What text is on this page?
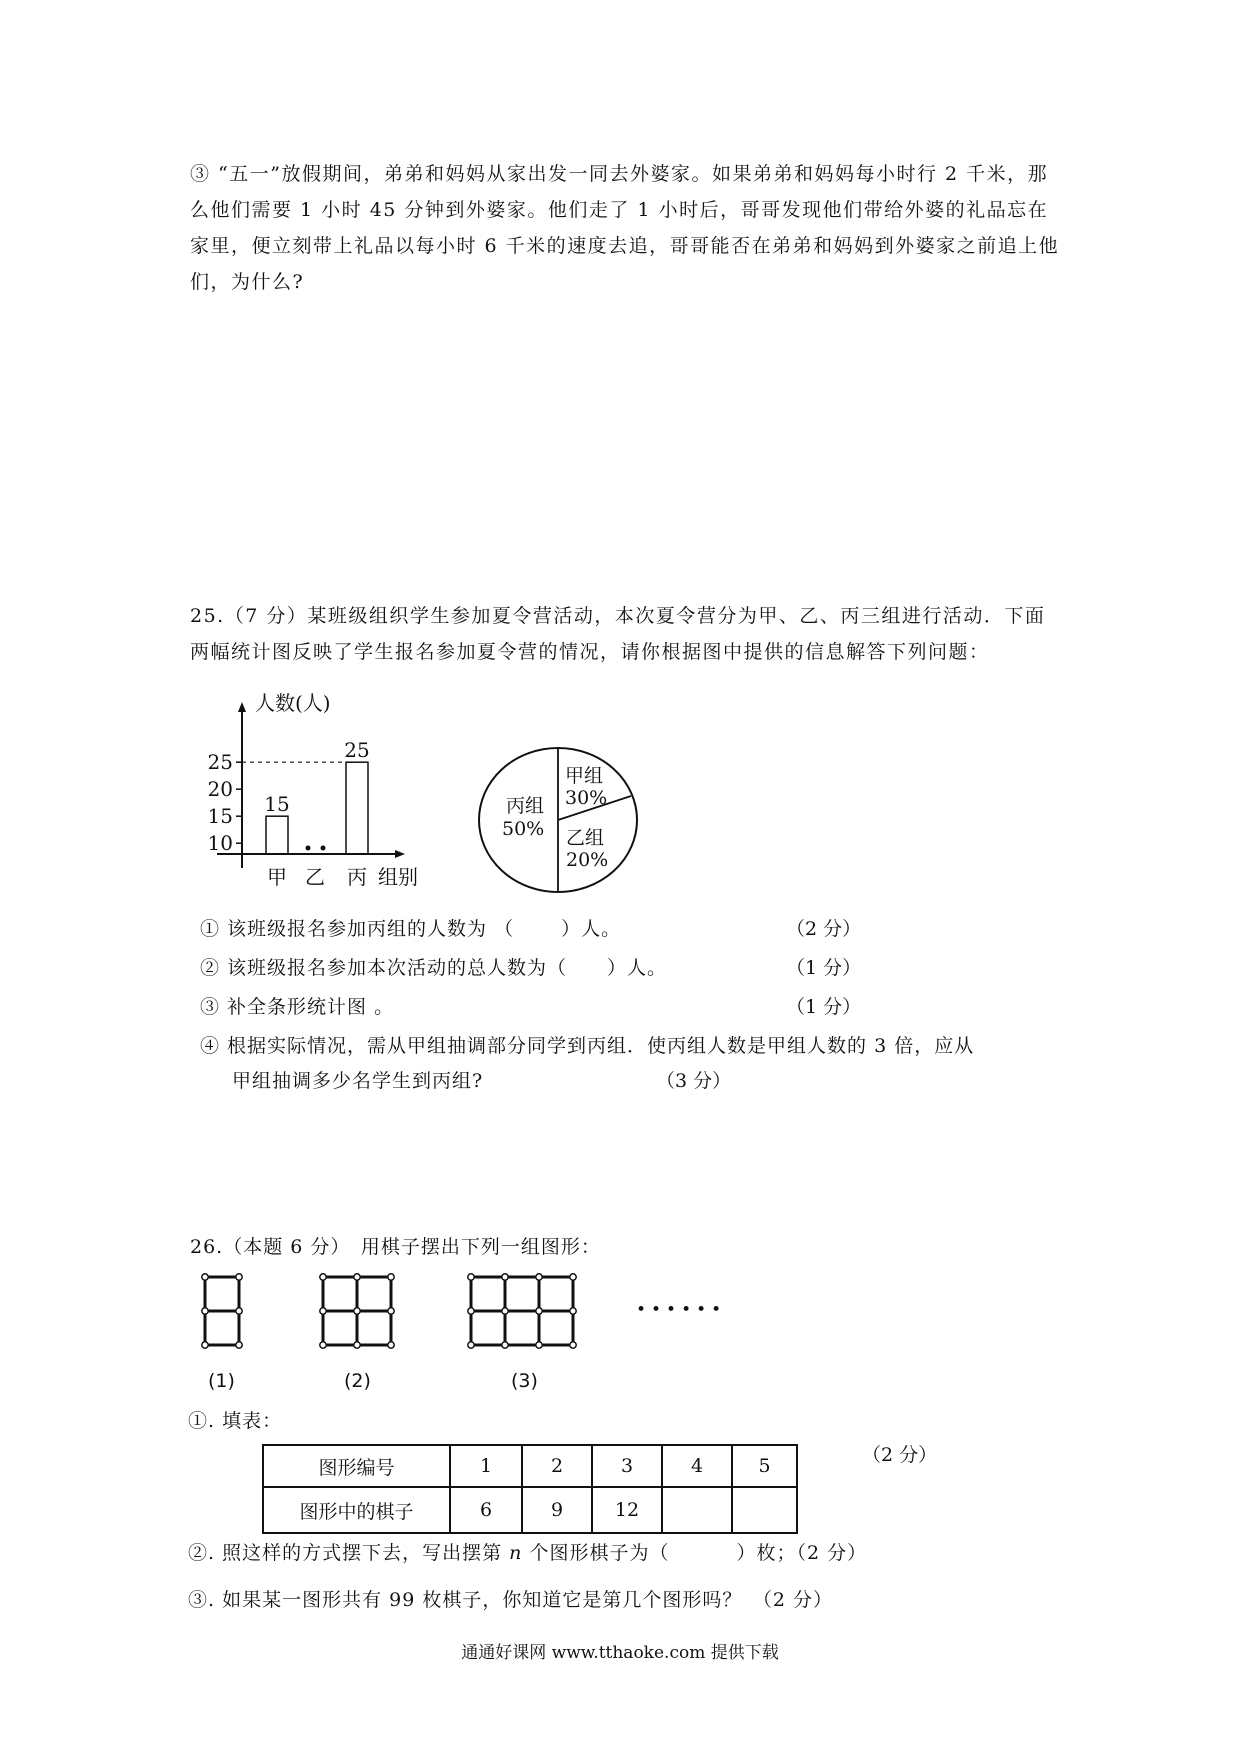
③ “五一”放假期间，弟弟和妈妈从家出发一同去外婆家。如果弟弟和妈妈每小时行 2 千米，那么他们需要 1 小时 45 分钟到外婆家。他们走了 1 小时后，哥哥发现他们带给外婆的礼品忘在家里，便立刻带上礼品以每小时 6 千米的速度去追，哥哥能否在弟弟和妈妈到外婆家之前追上他们，为什么?

25.（7 分）某班级组织学生参加夏令营活动，本次夏令营分为甲、乙、丙三组进行活动．下面两幅统计图反映了学生报名参加夏令营的情况，请你根据图中提供的信息解答下列问题：

人数(人)
组别
10
15
20
25
15
25
甲 乙 丙
甲组
30%
乙组
20%
丙组
50%
① 该班级报名参加丙组的人数为 （　　 ）人。	（2 分）
② 该班级报名参加本次活动的总人数为（　　）人。	（1 分）
③ 补全条形统计图 。	（1 分）
④ 根据实际情况，需从甲组抽调部分同学到丙组．使丙组人数是甲组人数的 3 倍，应从
甲组抽调多少名学生到丙组?	（3 分）
26.（本题 6 分）　用棋子摆出下列一组图形：
••••••
(1)	(2)	(3)
①. 填表：
图形编号	1	2	3	4	5
图形中的棋子	6	9	12		
（2 分）
②. 照这样的方式摆下去，写出摆第 n 个图形棋子为（　　　 ）枚；（2 分）
③. 如果某一图形共有 99 枚棋子，你知道它是第几个图形吗？　（2 分）
通通好课网 www.tthaoke.com 提供下载
